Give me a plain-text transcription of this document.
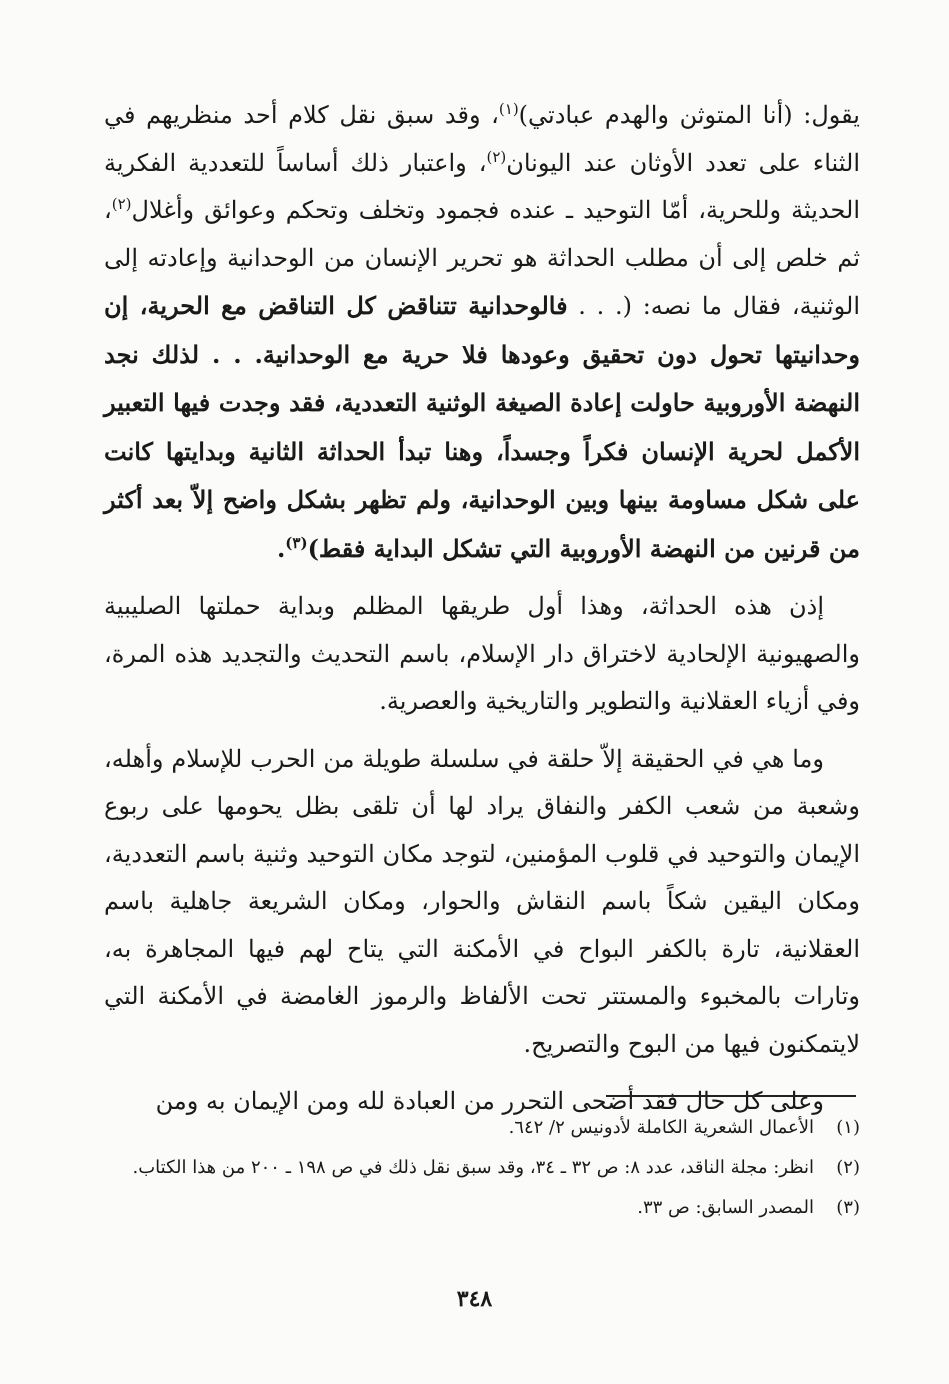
يقول: (أنا المتوثن والهدم عبادتي)$^{(١)}$، وقد سبق نقل كلام أحد منظريهم في الثناء على تعدد الأوثان عند اليونان$^{(٢)}$، واعتبار ذلك أساساً للتعددية الفكرية الحديثة وللحرية، أمّا التوحيد ـ عنده فجمود وتخلف وتحكم وعوائق وأغلال$^{(٢)}$، ثم خلص إلى أن مطلب الحداثة هو تحرير الإنسان من الوحدانية وإعادته إلى الوثنية، فقال ما نصه: (. . . فالوحدانية تتناقض كل التناقض مع الحرية، إن وحدانيتها تحول دون تحقيق وعودها فلا حرية مع الوحدانية. . . لذلك نجد النهضة الأوروبية حاولت إعادة الصيغة الوثنية التعددية، فقد وجدت فيها التعبير الأكمل لحرية الإنسان فكراً وجسداً، وهنا تبدأ الحداثة الثانية وبدايتها كانت على شكل مساومة بينها وبين الوحدانية، ولم تظهر بشكل واضح إلاّ بعد أكثر من قرنين من النهضة الأوروبية التي تشكل البداية فقط)$^{(٣)}$.

إذن هذه الحداثة، وهذا أول طريقها المظلم وبداية حملتها الصليبية والصهيونية الإلحادية لاختراق دار الإسلام، باسم التحديث والتجديد هذه المرة، وفي أزياء العقلانية والتطوير والتاريخية والعصرية.

وما هي في الحقيقة إلاّ حلقة في سلسلة طويلة من الحرب للإسلام وأهله، وشعبة من شعب الكفر والنفاق يراد لها أن تلقى بظل يحومها على ربوع الإيمان والتوحيد في قلوب المؤمنين، لتوجد مكان التوحيد وثنية باسم التعددية، ومكان اليقين شكاً باسم النقاش والحوار، ومكان الشريعة جاهلية باسم العقلانية، تارة بالكفر البواح في الأمكنة التي يتاح لهم فيها المجاهرة به، وتارات بالمخبوء والمستتر تحت الألفاظ والرموز الغامضة في الأمكنة التي لايتمكنون فيها من البوح والتصريح.

وعلى كل حال فقد أضحى التحرر من العبادة لله ومن الإيمان به ومن

(١)
الأعمال الشعرية الكاملة لأدونيس ٢/ ٦٤٢.
(٢)
انظر: مجلة الناقد، عدد ٨: ص ٣٢ ـ ٣٤، وقد سبق نقل ذلك في ص ١٩٨ ـ ٢٠٠ من هذا الكتاب.
(٣)
المصدر السابق: ص ٣٣.
٣٤٨
